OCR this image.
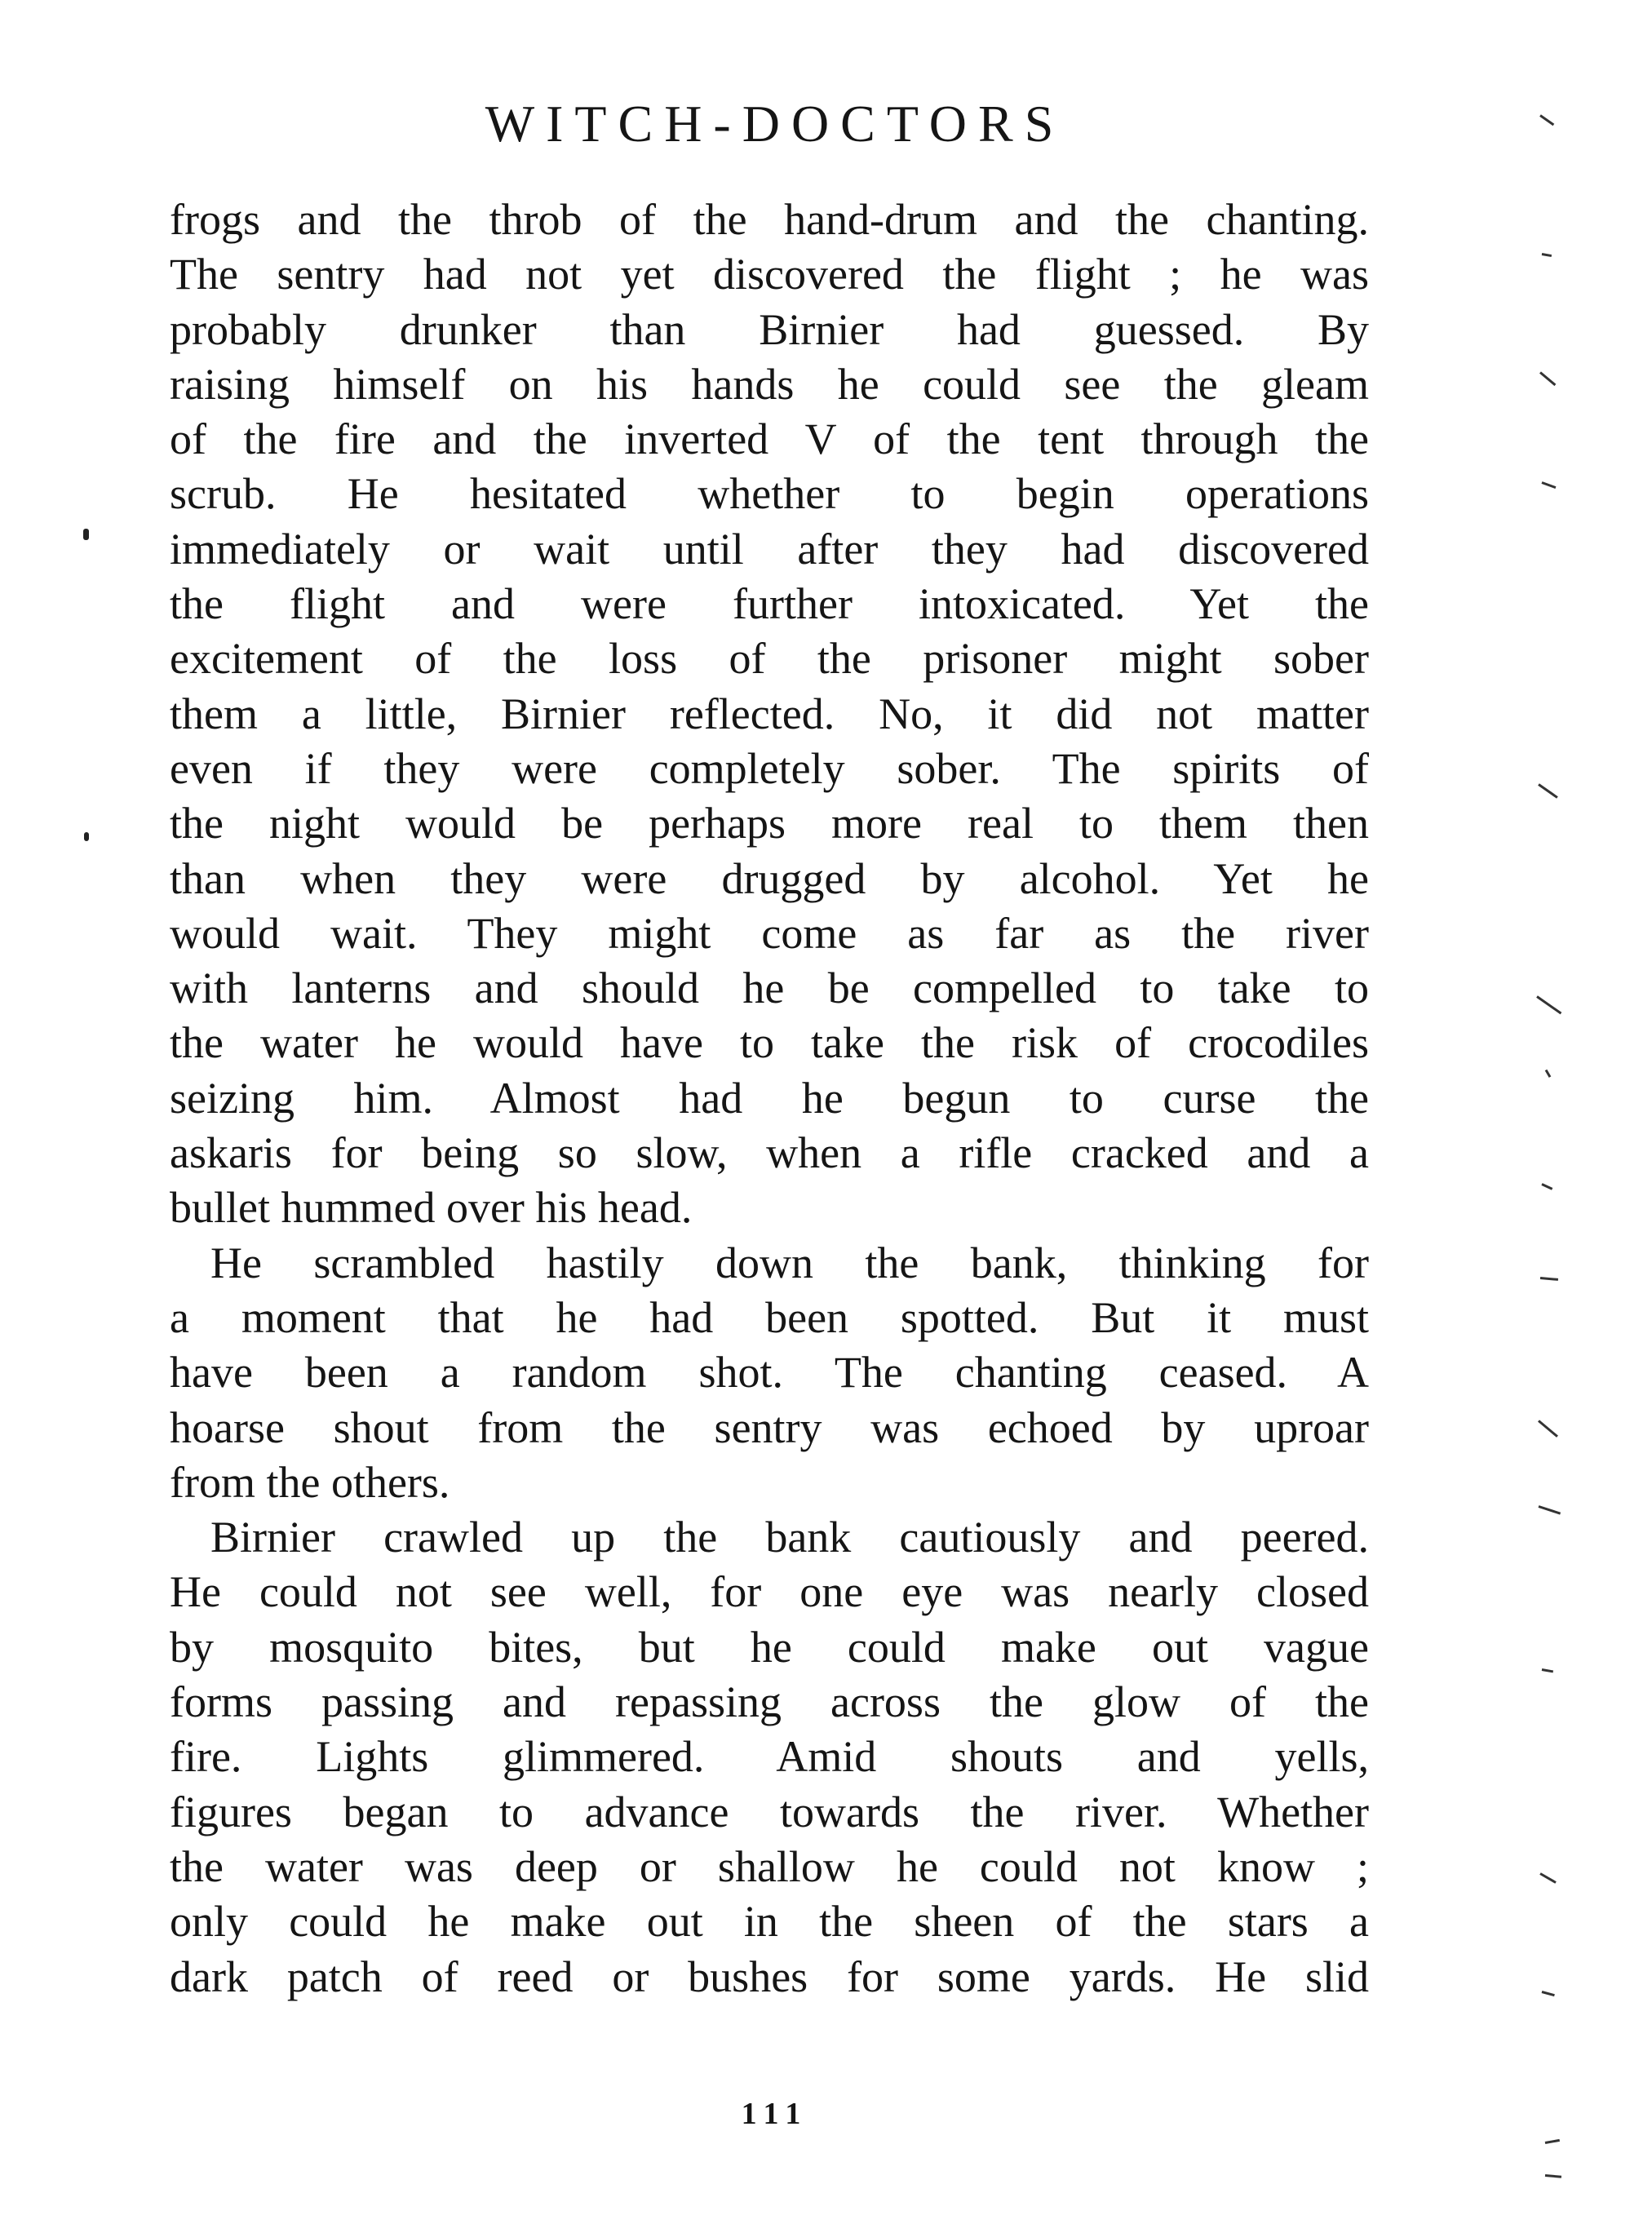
WITCH-DOCTORS
frogs and the throb of the hand-drum and the chanting.
The sentry had not yet discovered the flight ; he was
probably drunker than Birnier had guessed. By
raising himself on his hands he could see the gleam
of the fire and the inverted V of the tent through the
scrub. He hesitated whether to begin operations
immediately or wait until after they had discovered
the flight and were further intoxicated. Yet the
excitement of the loss of the prisoner might sober
them a little, Birnier reflected. No, it did not matter
even if they were completely sober. The spirits of
the night would be perhaps more real to them then
than when they were drugged by alcohol. Yet he
would wait. They might come as far as the river
with lanterns and should he be compelled to take to
the water he would have to take the risk of crocodiles
seizing him. Almost had he begun to curse the
askaris for being so slow, when a rifle cracked and a
bullet hummed over his head.
He scrambled hastily down the bank, thinking for
a moment that he had been spotted. But it must
have been a random shot. The chanting ceased. A
hoarse shout from the sentry was echoed by uproar
from the others.
Birnier crawled up the bank cautiously and peered.
He could not see well, for one eye was nearly closed
by mosquito bites, but he could make out vague
forms passing and repassing across the glow of the
fire. Lights glimmered. Amid shouts and yells,
figures began to advance towards the river. Whether
the water was deep or shallow he could not know ;
only could he make out in the sheen of the stars a
dark patch of reed or bushes for some yards. He slid
111
